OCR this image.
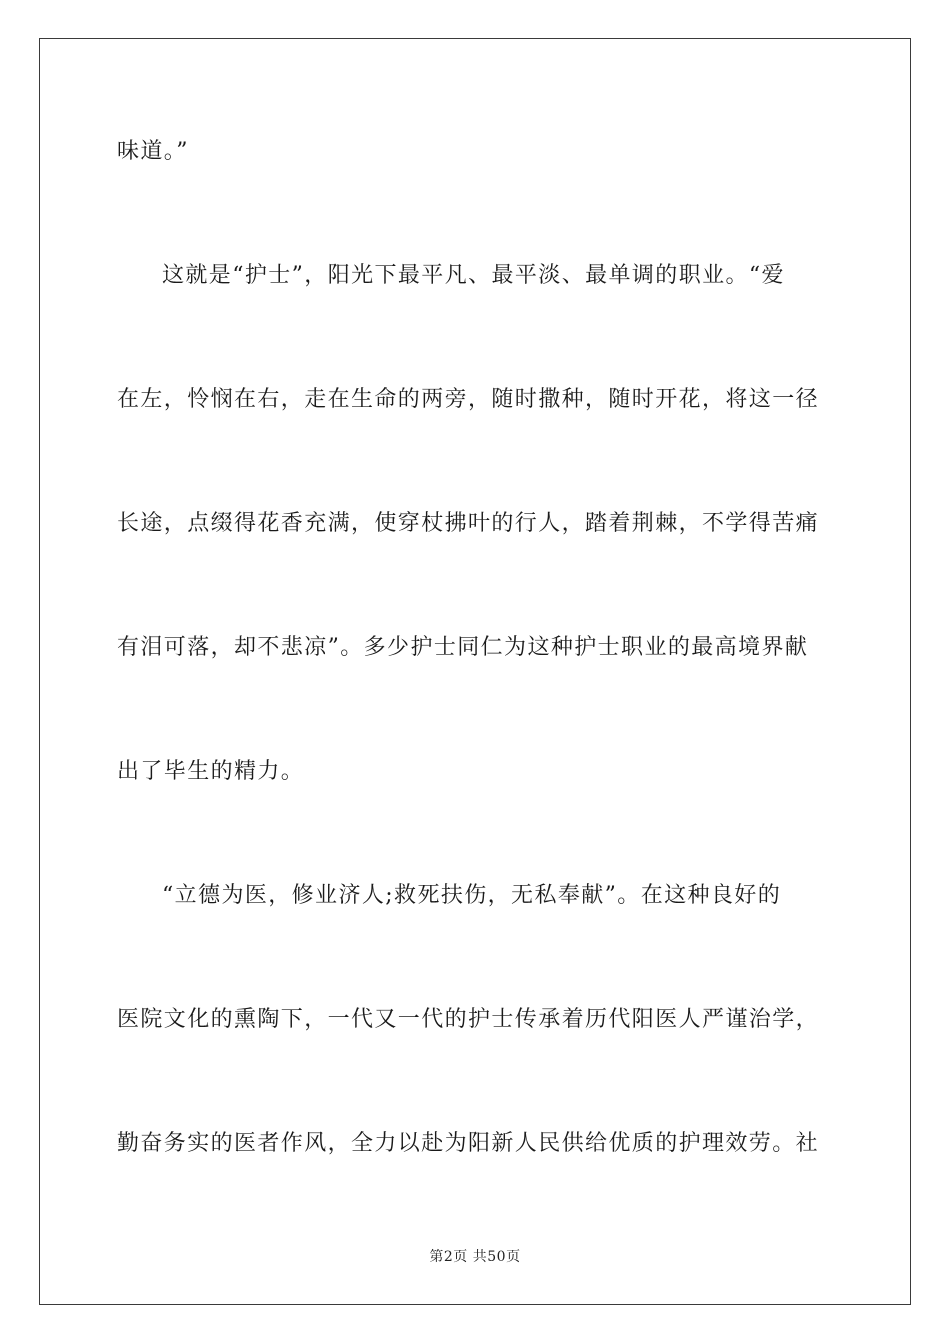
味道。”
这就是“护士”，阳光下最平凡、最平淡、最单调的职业。“爱
在左，怜悯在右，走在生命的两旁，随时撒种，随时开花，将这一径
长途，点缀得花香充满，使穿杖拂叶的行人，踏着荆棘，不学得苦痛
有泪可落，却不悲凉”。多少护士同仁为这种护士职业的最高境界献
出了毕生的精力。
“立德为医，修业济人;救死扶伤，无私奉献”。在这种良好的
医院文化的熏陶下，一代又一代的护士传承着历代阳医人严谨治学，
勤奋务实的医者作风，全力以赴为阳新人民供给优质的护理效劳。社
第2页 共50页
